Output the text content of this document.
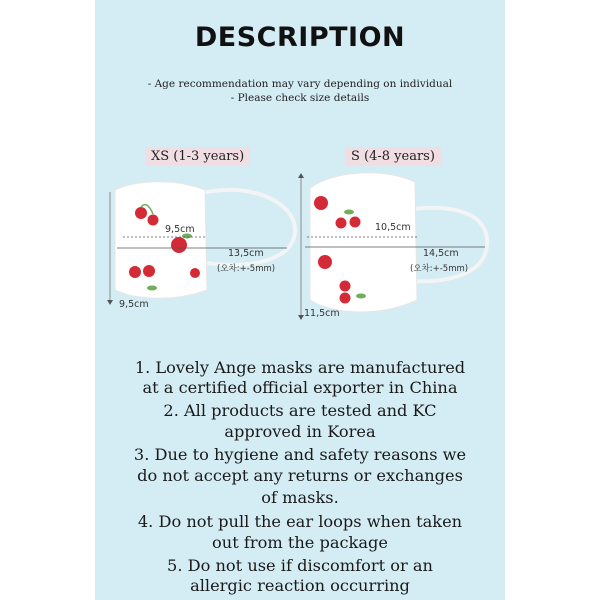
DESCRIPTION
- Age recommendation may vary depending on individual
- Please check size details
XS (1-3 years)	S (4-8 years)
9,5cm
13,5cm
(오차:+-5mm)
9,5cm
10,5cm
14,5cm
(오차:+-5mm)
11,5cm
1. Lovely Ange masks are manufactured
at a certified official exporter in China
2. All products are tested and KC
approved in Korea
3. Due to hygiene and safety reasons we
do not accept any returns or exchanges
of masks.
4. Do not pull the ear loops when taken
out from the package
5. Do not use if discomfort or an
allergic reaction occurring
